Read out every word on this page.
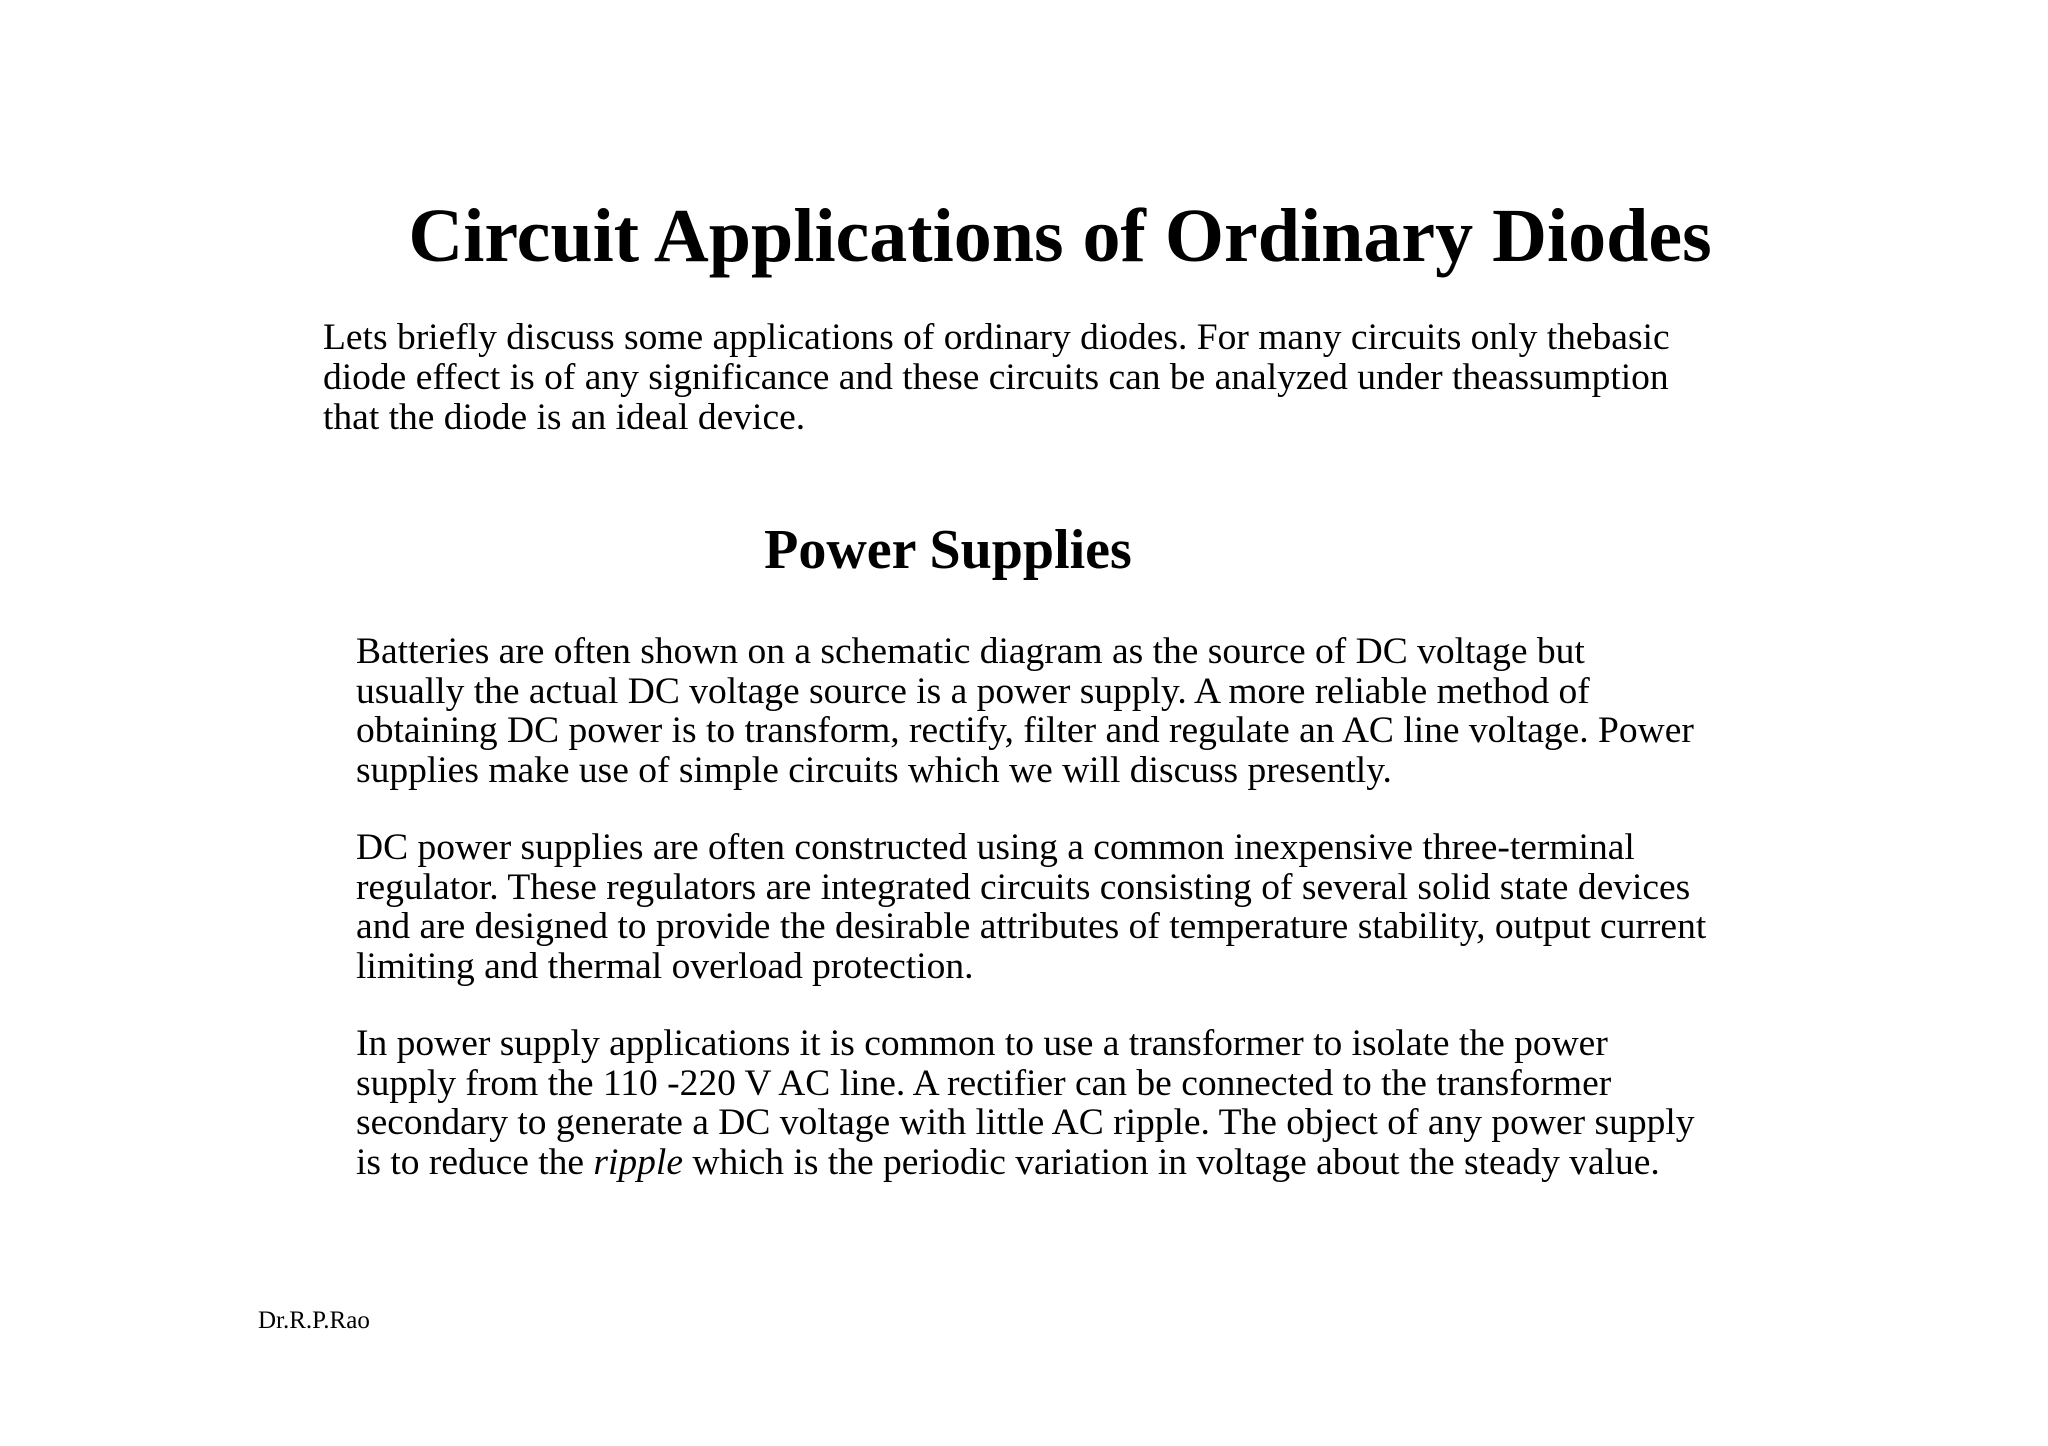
Circuit Applications of Ordinary Diodes

Lets briefly discuss some applications of ordinary diodes. For many circuits only thebasic
diode effect is of any significance and these circuits can be analyzed under theassumption
that the diode is an ideal device.

Power Supplies

Batteries are often shown on a schematic diagram as the source of DC voltage but
usually the actual DC voltage source is a power supply. A more reliable method of
obtaining DC power is to transform, rectify, filter and regulate an AC line voltage. Power
supplies make use of simple circuits which we will discuss presently.

DC power supplies are often constructed using a common inexpensive three-terminal
regulator. These regulators are integrated circuits consisting of several solid state devices
and are designed to provide the desirable attributes of temperature stability, output current
limiting and thermal overload protection.

In power supply applications it is common to use a transformer to isolate the power
supply from the 110 -220 V AC line. A rectifier can be connected to the transformer
secondary to generate a DC voltage with little AC ripple. The object of any power supply
is to reduce the ripple which is the periodic variation in voltage about the steady value.

Dr.R.P.Rao
